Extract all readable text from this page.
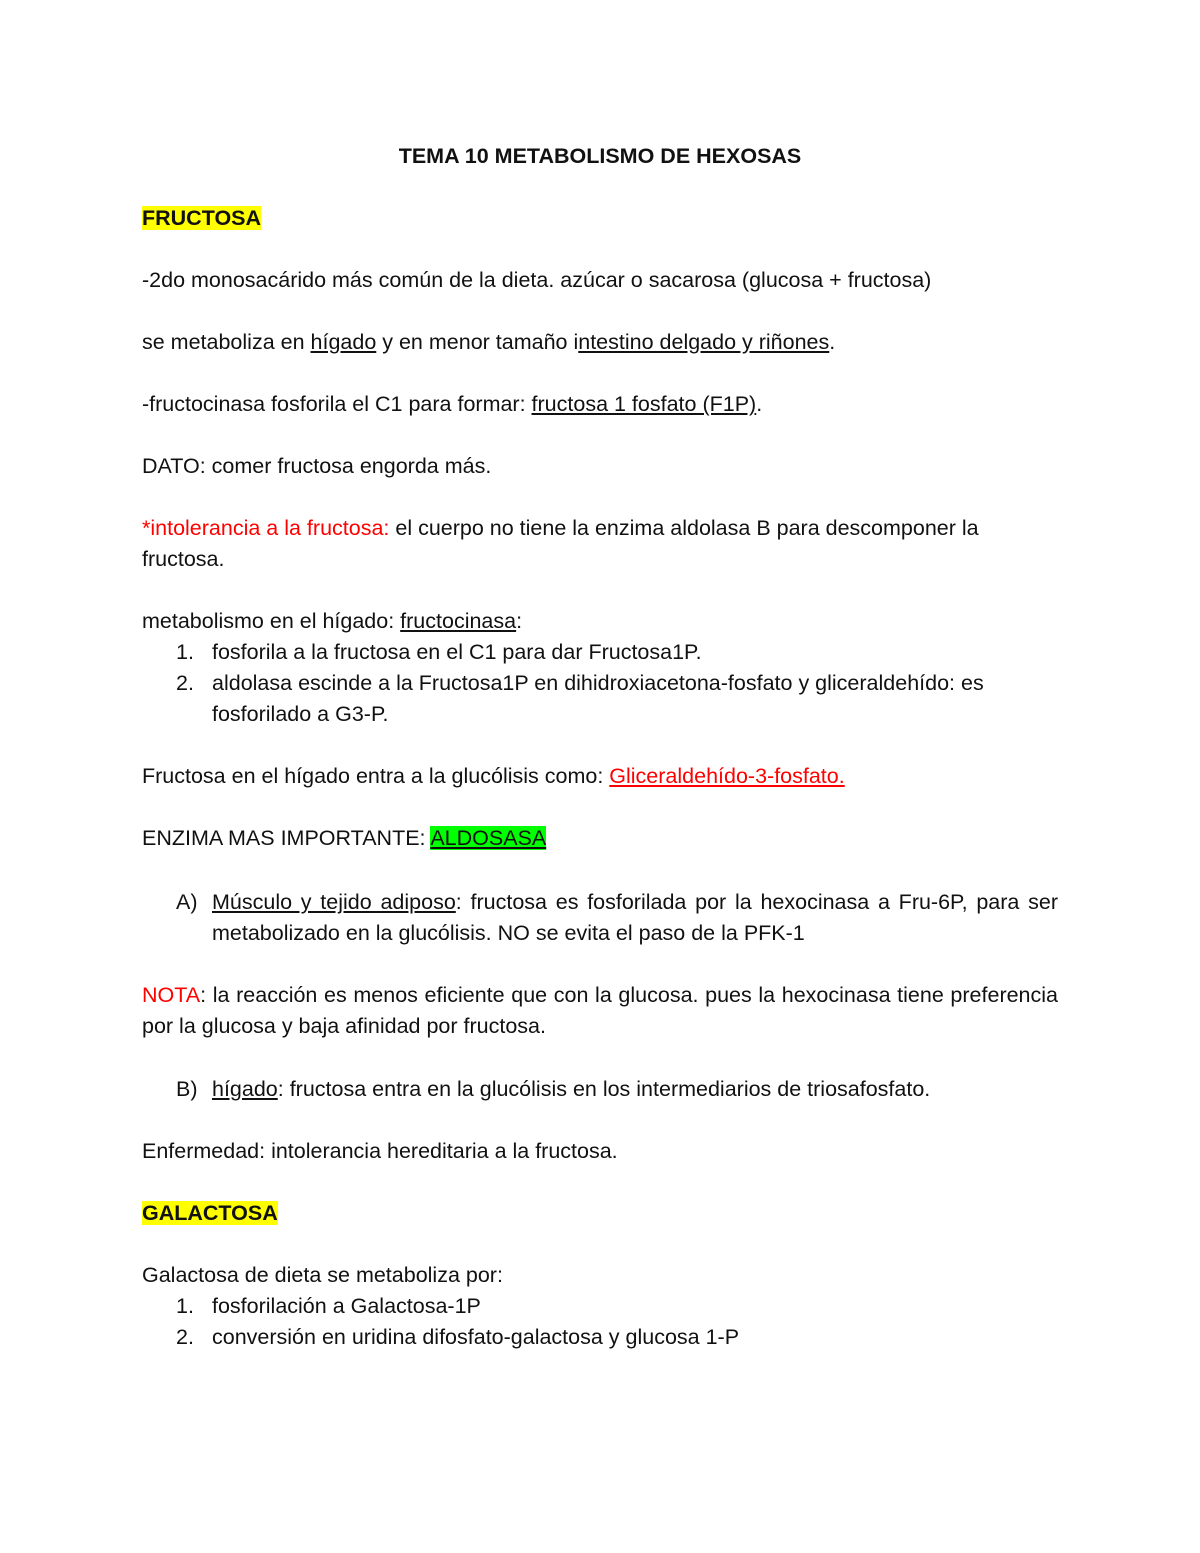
TEMA 10 METABOLISMO DE HEXOSAS
FRUCTOSA
-2do monosacárido más común de la dieta. azúcar o sacarosa (glucosa + fructosa)
se metaboliza en hígado y en menor tamaño intestino delgado y riñones.
-fructocinasa fosforila el C1 para formar: fructosa 1 fosfato (F1P).
DATO: comer fructosa engorda más.
*intolerancia a la fructosa: el cuerpo no tiene la enzima aldolasa B para descomponer la fructosa.
metabolismo en el hígado: fructocinasa:
1. fosforila a la fructosa en el C1 para dar Fructosa1P.
2. aldolasa escinde a la Fructosa1P en dihidroxiacetona-fosfato y gliceraldehído: es fosforilado a G3-P.
Fructosa en el hígado entra a la glucólisis como: Gliceraldehído-3-fosfato.
ENZIMA MAS IMPORTANTE: ALDOSASA
A) Músculo y tejido adiposo: fructosa es fosforilada por la hexocinasa a Fru-6P, para ser metabolizado en la glucólisis. NO se evita el paso de la PFK-1
NOTA: la reacción es menos eficiente que con la glucosa. pues la hexocinasa tiene preferencia por la glucosa y baja afinidad por fructosa.
B) hígado: fructosa entra en la glucólisis en los intermediarios de triosafosfato.
Enfermedad: intolerancia hereditaria a la fructosa.
GALACTOSA
Galactosa de dieta se metaboliza por:
1. fosforilación a Galactosa-1P
2. conversión en uridina difosfato-galactosa y glucosa 1-P
